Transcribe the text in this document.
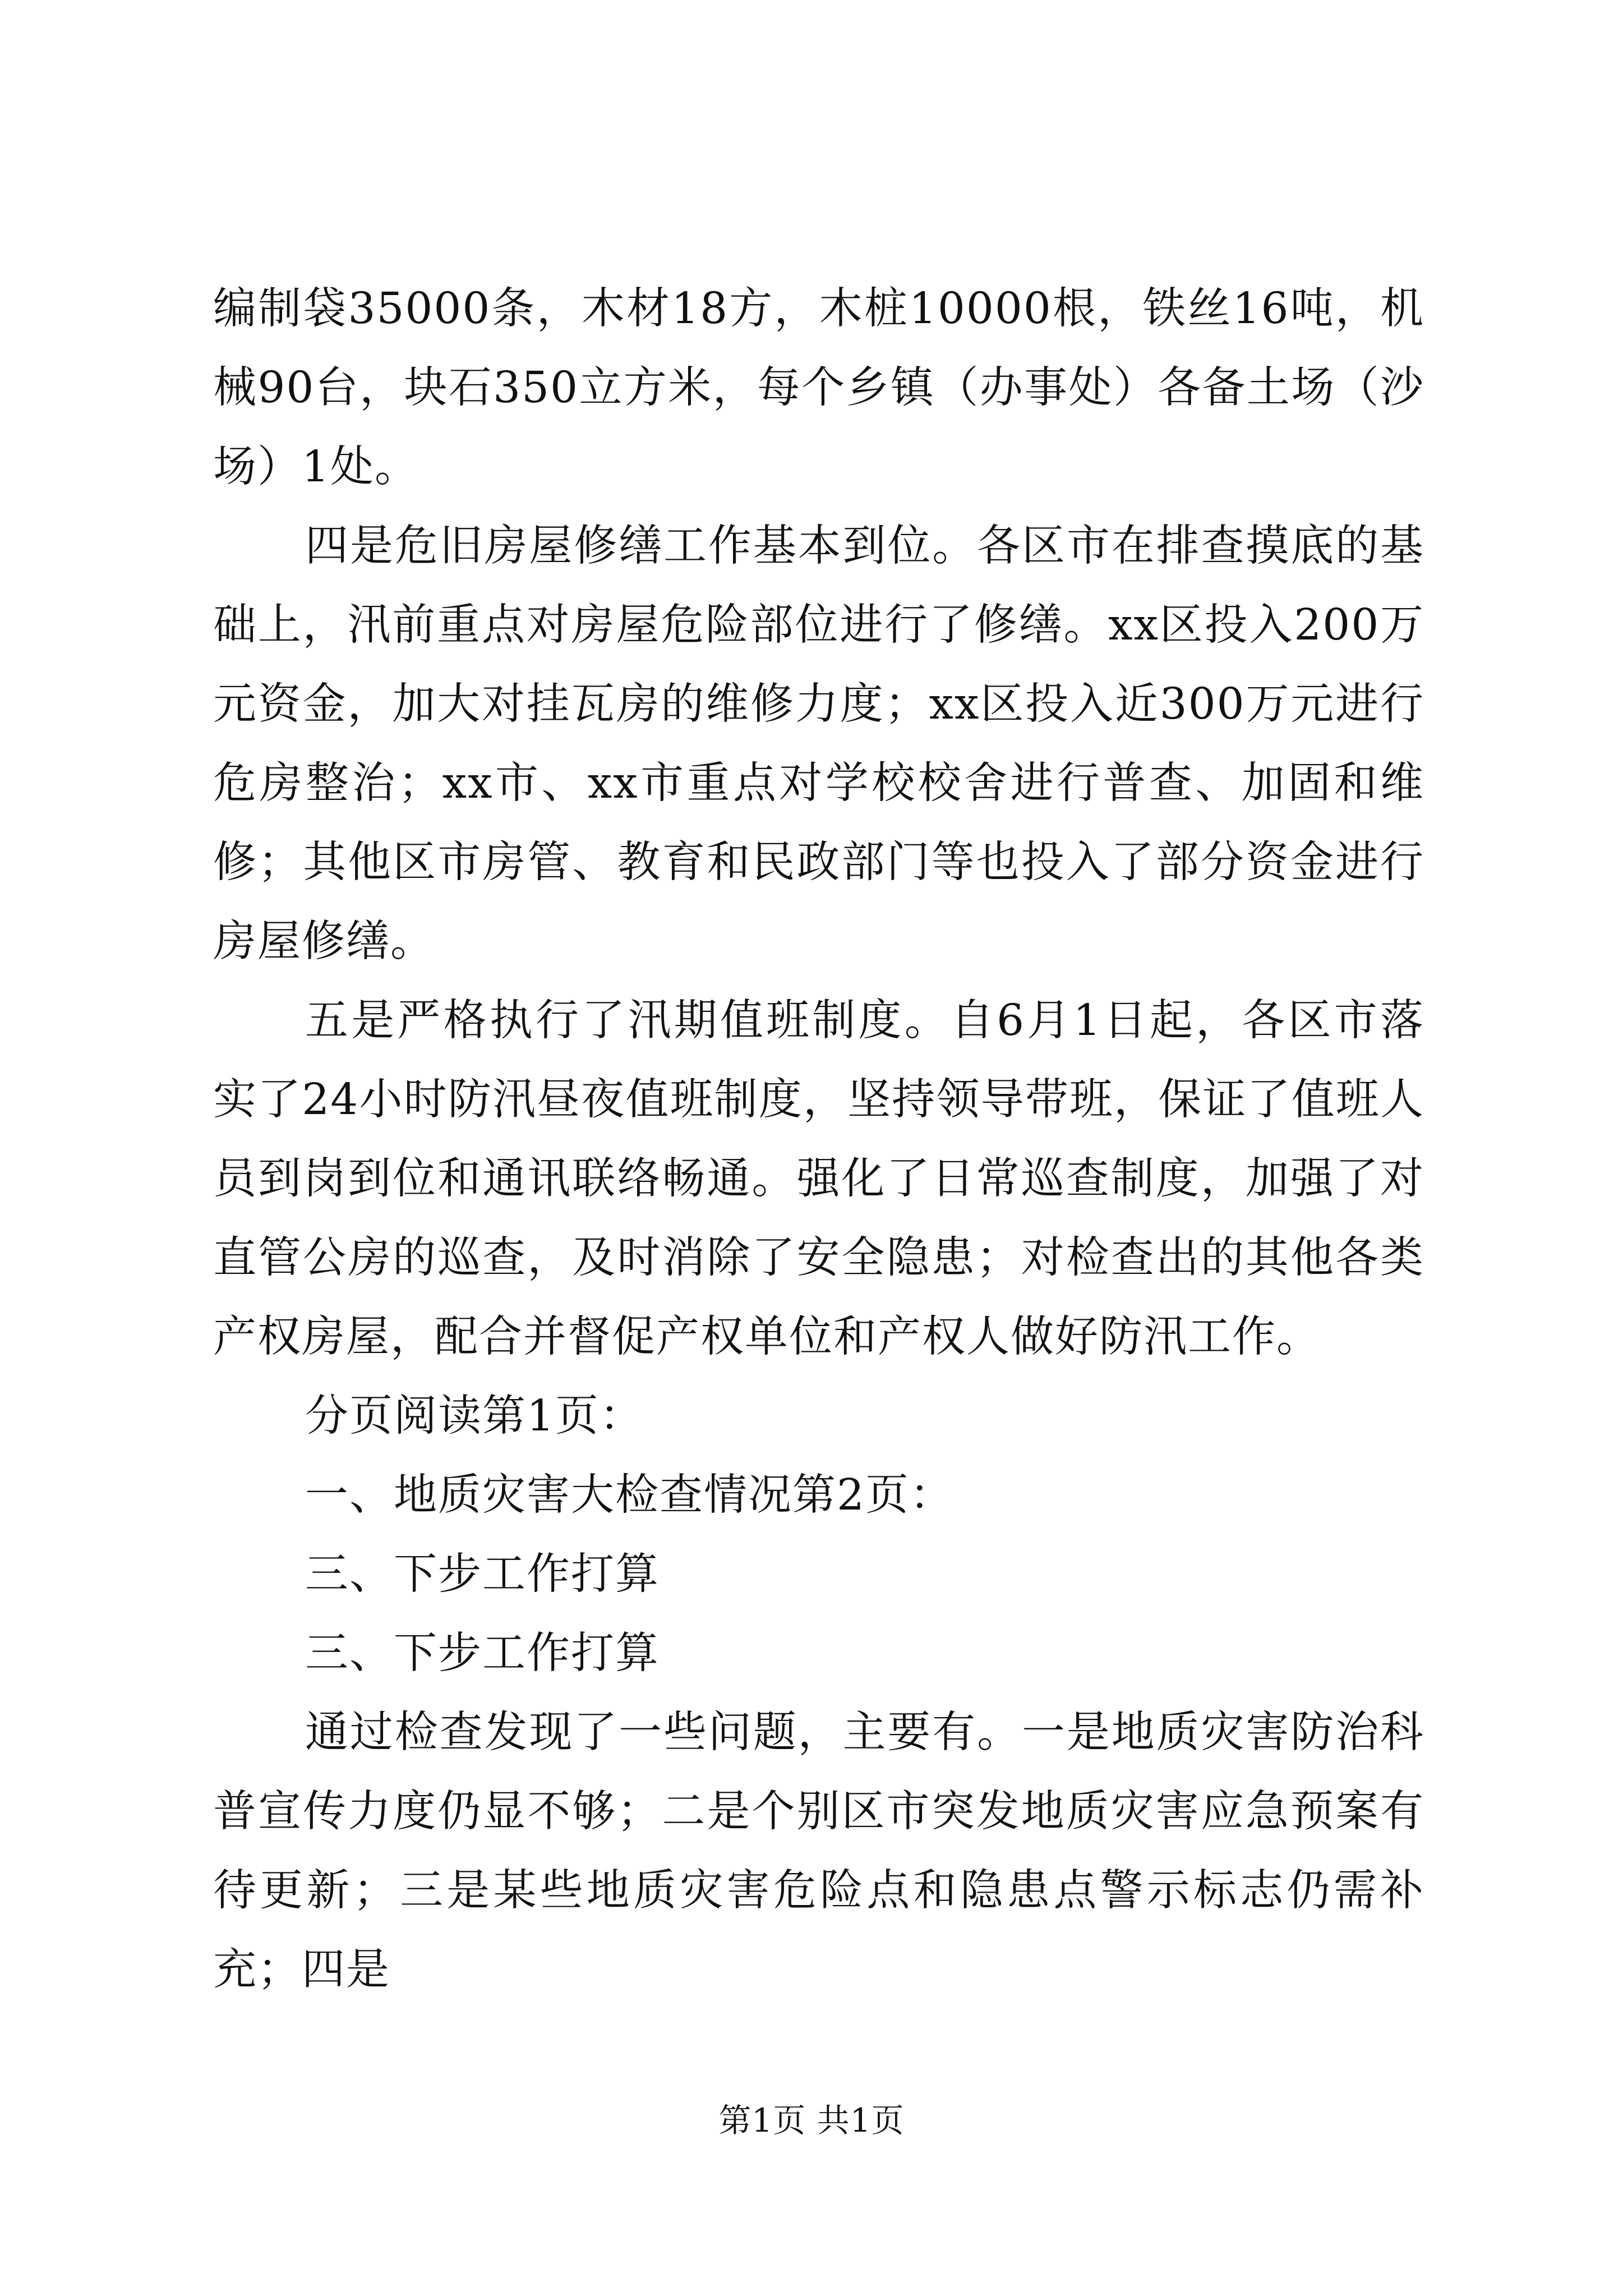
编制袋35000条，木材18方，木桩10000根，铁丝16吨，机械90台，块石350立方米，每个乡镇（办事处）各备土场（沙场）1处。

四是危旧房屋修缮工作基本到位。各区市在排查摸底的基础上，汛前重点对房屋危险部位进行了修缮。xx区投入200万元资金，加大对挂瓦房的维修力度；xx区投入近300万元进行危房整治；xx市、xx市重点对学校校舍进行普查、加固和维修；其他区市房管、教育和民政部门等也投入了部分资金进行房屋修缮。

五是严格执行了汛期值班制度。自6月1日起，各区市落实了24小时防汛昼夜值班制度，坚持领导带班，保证了值班人员到岗到位和通讯联络畅通。强化了日常巡查制度，加强了对直管公房的巡查，及时消除了安全隐患；对检查出的其他各类产权房屋，配合并督促产权单位和产权人做好防汛工作。

分页阅读第1页：

一、地质灾害大检查情况第2页：

三、下步工作打算

三、下步工作打算

通过检查发现了一些问题，主要有。一是地质灾害防治科普宣传力度仍显不够；二是个别区市突发地质灾害应急预案有待更新；三是某些地质灾害危险点和隐患点警示标志仍需补充；四是

第1页 共1页
